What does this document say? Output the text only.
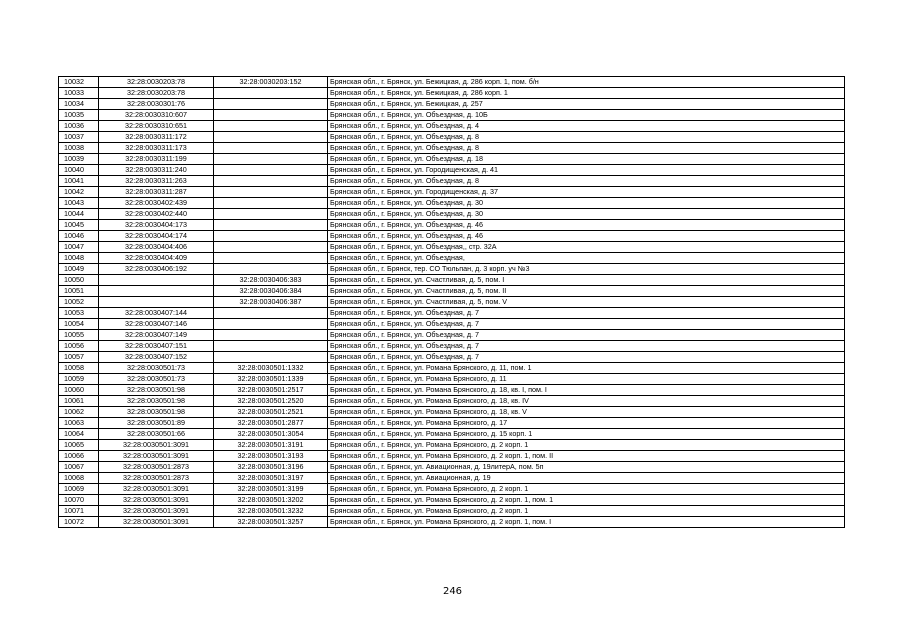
10032	32:28:0030203:78	32:28:0030203:152	Брянская обл., г. Брянск, ул. Бежицкая, д. 286 корп. 1, пом. б/н
10033	32:28:0030203:78		Брянская обл., г. Брянск, ул. Бежицкая, д. 286 корп. 1
10034	32:28:0030301:76		Брянская обл., г. Брянск, ул. Бежицкая, д. 257
10035	32:28:0030310:607		Брянская обл., г. Брянск, ул. Объездная, д. 10Б
10036	32:28:0030310:651		Брянская обл., г. Брянск, ул. Объездная, д. 4
10037	32:28:0030311:172		Брянская обл., г. Брянск, ул. Объездная, д. 8
10038	32:28:0030311:173		Брянская обл., г. Брянск, ул. Объездная, д. 8
10039	32:28:0030311:199		Брянская обл., г. Брянск, ул. Объездная, д. 18
10040	32:28:0030311:240		Брянская обл., г. Брянск, ул. Городищенская, д. 41
10041	32:28:0030311:263		Брянская обл., г. Брянск, ул. Объездная, д. 8
10042	32:28:0030311:287		Брянская обл., г. Брянск, ул. Городищенская, д. 37
10043	32:28:0030402:439		Брянская обл., г. Брянск, ул. Объездная, д. 30
10044	32:28:0030402:440		Брянская обл., г. Брянск, ул. Объездная, д. 30
10045	32:28:0030404:173		Брянская обл., г. Брянск, ул. Объездная, д. 46
10046	32:28:0030404:174		Брянская обл., г. Брянск, ул. Объездная, д. 46
10047	32:28:0030404:406		Брянская обл., г. Брянск, ул. Объездная,, стр. 32А
10048	32:28:0030404:409		Брянская обл., г. Брянск, ул. Объездная,
10049	32:28:0030406:192		Брянская обл., г. Брянск, тер. СО Тюльпан, д. 3 корп. уч №3
10050		32:28:0030406:383	Брянская обл., г. Брянск, ул. Счастливая, д. 5, пом. I
10051		32:28:0030406:384	Брянская обл., г. Брянск, ул. Счастливая, д. 5, пом. II
10052		32:28:0030406:387	Брянская обл., г. Брянск, ул. Счастливая, д. 5, пом. V
10053	32:28:0030407:144		Брянская обл., г. Брянск, ул. Объездная, д. 7
10054	32:28:0030407:146		Брянская обл., г. Брянск, ул. Объездная, д. 7
10055	32:28:0030407:149		Брянская обл., г. Брянск, ул. Объездная, д. 7
10056	32:28:0030407:151		Брянская обл., г. Брянск, ул. Объездная, д. 7
10057	32:28:0030407:152		Брянская обл., г. Брянск, ул. Объездная, д. 7
10058	32:28:0030501:73	32:28:0030501:1332	Брянская обл., г. Брянск, ул. Романа Брянского, д. 11, пом. 1
10059	32:28:0030501:73	32:28:0030501:1339	Брянская обл., г. Брянск, ул. Романа Брянского, д. 11
10060	32:28:0030501:98	32:28:0030501:2517	Брянская обл., г. Брянск, ул. Романа Брянского, д. 18, кв. I, пом. I
10061	32:28:0030501:98	32:28:0030501:2520	Брянская обл., г. Брянск, ул. Романа Брянского, д. 18, кв. IV
10062	32:28:0030501:98	32:28:0030501:2521	Брянская обл., г. Брянск, ул. Романа Брянского, д. 18, кв. V
10063	32:28:0030501:89	32:28:0030501:2877	Брянская обл., г. Брянск, ул. Романа Брянского, д. 17
10064	32:28:0030501:66	32:28:0030501:3054	Брянская обл., г. Брянск, ул. Романа Брянского, д. 15 корп. 1
10065	32:28:0030501:3091	32:28:0030501:3191	Брянская обл., г. Брянск, ул. Романа Брянского, д. 2 корп. 1
10066	32:28:0030501:3091	32:28:0030501:3193	Брянская обл., г. Брянск, ул. Романа Брянского, д. 2 корп. 1, пом. II
10067	32:28:0030501:2873	32:28:0030501:3196	Брянская обл., г. Брянск, ул. Авиационная, д. 19литерА, пом. 5п
10068	32:28:0030501:2873	32:28:0030501:3197	Брянская обл., г. Брянск, ул. Авиационная, д. 19
10069	32:28:0030501:3091	32:28:0030501:3199	Брянская обл., г. Брянск, ул. Романа Брянского, д. 2 корп. 1
10070	32:28:0030501:3091	32:28:0030501:3202	Брянская обл., г. Брянск, ул. Романа Брянского, д. 2 корп. 1, пом. 1
10071	32:28:0030501:3091	32:28:0030501:3232	Брянская обл., г. Брянск, ул. Романа Брянского, д. 2 корп. 1
10072	32:28:0030501:3091	32:28:0030501:3257	Брянская обл., г. Брянск, ул. Романа Брянского, д. 2 корп. 1, пом. I
246
